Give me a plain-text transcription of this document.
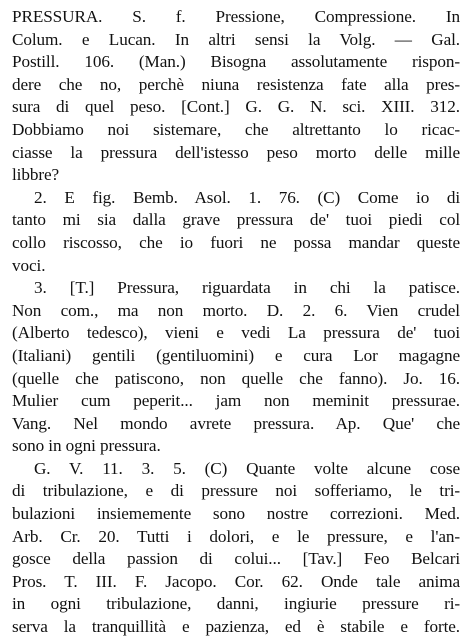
PRESSURA. S. f. Pressione, Compressione. In
Colum. e Lucan. In altri sensi la Volg. — Gal.
Postill. 106. (Man.) Bisogna assolutamente rispon-
dere che no, perchè niuna resistenza fate alla pres-
sura di quel peso. [Cont.] G. G. N. sci. XIII. 312.
Dobbiamo noi sistemare, che altrettanto lo ricac-
ciasse la pressura dell'istesso peso morto delle mille
libbre?
2. E fig. Bemb. Asol. 1. 76. (C) Come io di
tanto mi sia dalla grave pressura de' tuoi piedi col
collo riscosso, che io fuori ne possa mandar queste
voci.
3. [T.] Pressura, riguardata in chi la patisce.
Non com., ma non morto. D. 2. 6. Vien crudel
(Alberto tedesco), vieni e vedi La pressura de' tuoi
(Italiani) gentili (gentiluomini) e cura Lor magagne
(quelle che patiscono, non quelle che fanno). Jo. 16.
Mulier cum peperit... jam non meminit pressurae.
Vang. Nel mondo avrete pressura. Ap. Que' che
sono in ogni pressura.
G. V. 11. 3. 5. (C) Quante volte alcune cose
di tribulazione, e di pressure noi sofferiamo, le tri-
bulazioni insiememente sono nostre correzioni. Med.
Arb. Cr. 20. Tutti i dolori, e le pressure, e l'an-
gosce della passion di colui... [Tav.] Feo Belcari
Pros. T. III. F. Jacopo. Cor. 62. Onde tale anima
in ogni tribulazione, danni, ingiurie pressure ri-
serva la tranquillità e pazienza, ed è stabile e forte.
